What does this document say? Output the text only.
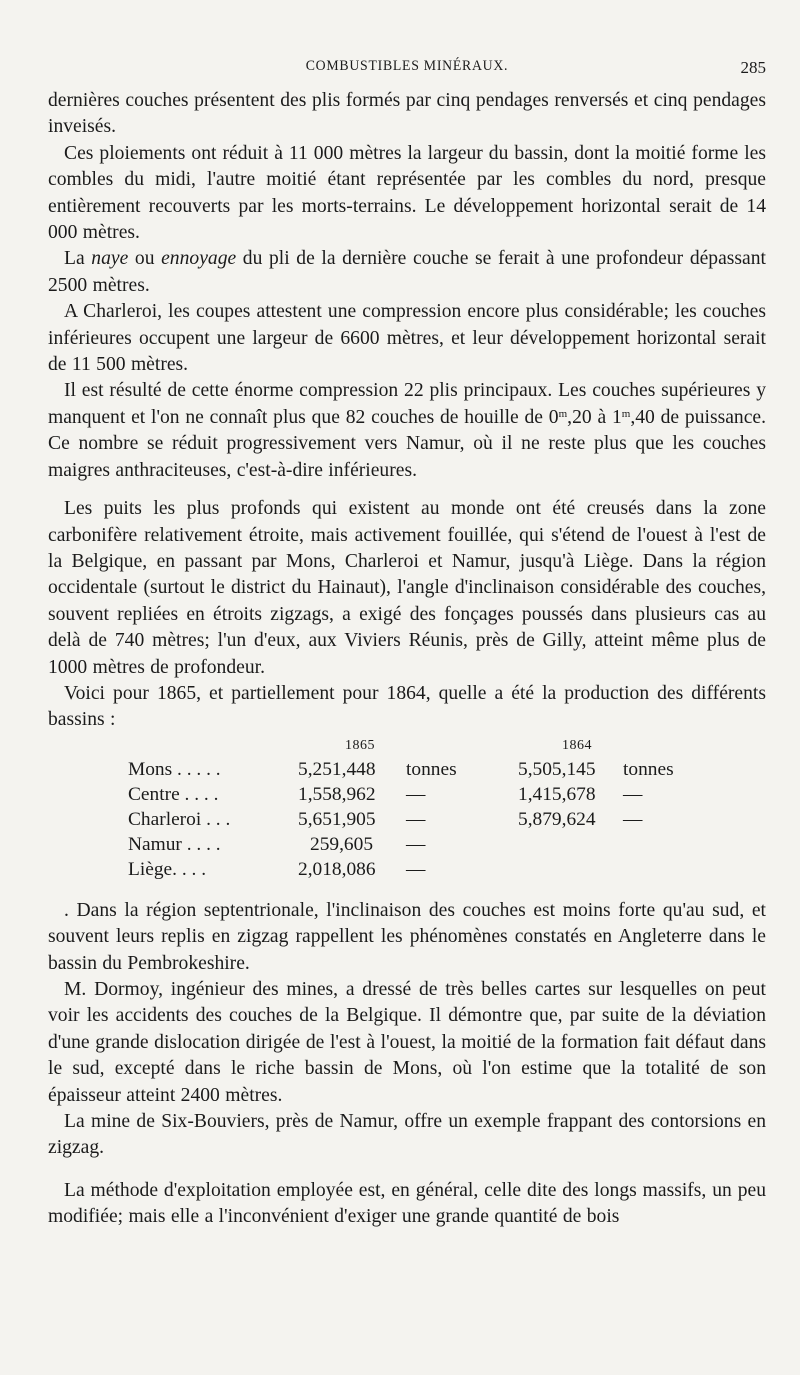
COMBUSTIBLES MINÉRAUX.	285

dernières couches présentent des plis formés par cinq pendages renversés et cinq pendages inveisés.

Ces ploiements ont réduit à 11 000 mètres la largeur du bassin, dont la moitié forme les combles du midi, l'autre moitié étant représentée par les combles du nord, presque entièrement recouverts par les morts-terrains. Le développement horizontal serait de 14 000 mètres.

La naye ou ennoyage du pli de la dernière couche se ferait à une profondeur dépassant 2500 mètres.

A Charleroi, les coupes attestent une compression encore plus considérable; les couches inférieures occupent une largeur de 6600 mètres, et leur développement horizontal serait de 11 500 mètres.

Il est résulté de cette énorme compression 22 plis principaux. Les couches supérieures y manquent et l'on ne connaît plus que 82 couches de houille de 0$^m$,20 à 1$^m$,40 de puissance. Ce nombre se réduit progressivement vers Namur, où il ne reste plus que les couches maigres anthraciteuses, c'est-à-dire inférieures.

Les puits les plus profonds qui existent au monde ont été creusés dans la zone carbonifère relativement étroite, mais activement fouillée, qui s'étend de l'ouest à l'est de la Belgique, en passant par Mons, Charleroi et Namur, jusqu'à Liège. Dans la région occidentale (surtout le district du Hainaut), l'angle d'inclinaison considérable des couches, souvent repliées en étroits zigzags, a exigé des fonçages poussés dans plusieurs cas au delà de 740 mètres; l'un d'eux, aux Viviers Réunis, près de Gilly, atteint même plus de 1000 mètres de profondeur.

Voici pour 1865, et partiellement pour 1864, quelle a été la production des différents bassins :

1865	1864
Mons . . . . .	5,251,448 tonnes	5,505,145 tonnes
Centre . . . .	1,558,962 —	1,415,678 —
Charleroi . . .	5,651,905 —	5,879,624 —
Namur . . . .	259,605 —
Liège. . . .	2,018,086 —

. Dans la région septentrionale, l'inclinaison des couches est moins forte qu'au sud, et souvent leurs replis en zigzag rappellent les phénomènes constatés en Angleterre dans le bassin du Pembrokeshire.

M. Dormoy, ingénieur des mines, a dressé de très belles cartes sur lesquelles on peut voir les accidents des couches de la Belgique. Il démontre que, par suite de la déviation d'une grande dislocation dirigée de l'est à l'ouest, la moitié de la formation fait défaut dans le sud, excepté dans le riche bassin de Mons, où l'on estime que la totalité de son épaisseur atteint 2400 mètres.

La mine de Six-Bouviers, près de Namur, offre un exemple frappant des contorsions en zigzag.

La méthode d'exploitation employée est, en général, celle dite des longs massifs, un peu modifiée; mais elle a l'inconvénient d'exiger une grande quantité de bois
